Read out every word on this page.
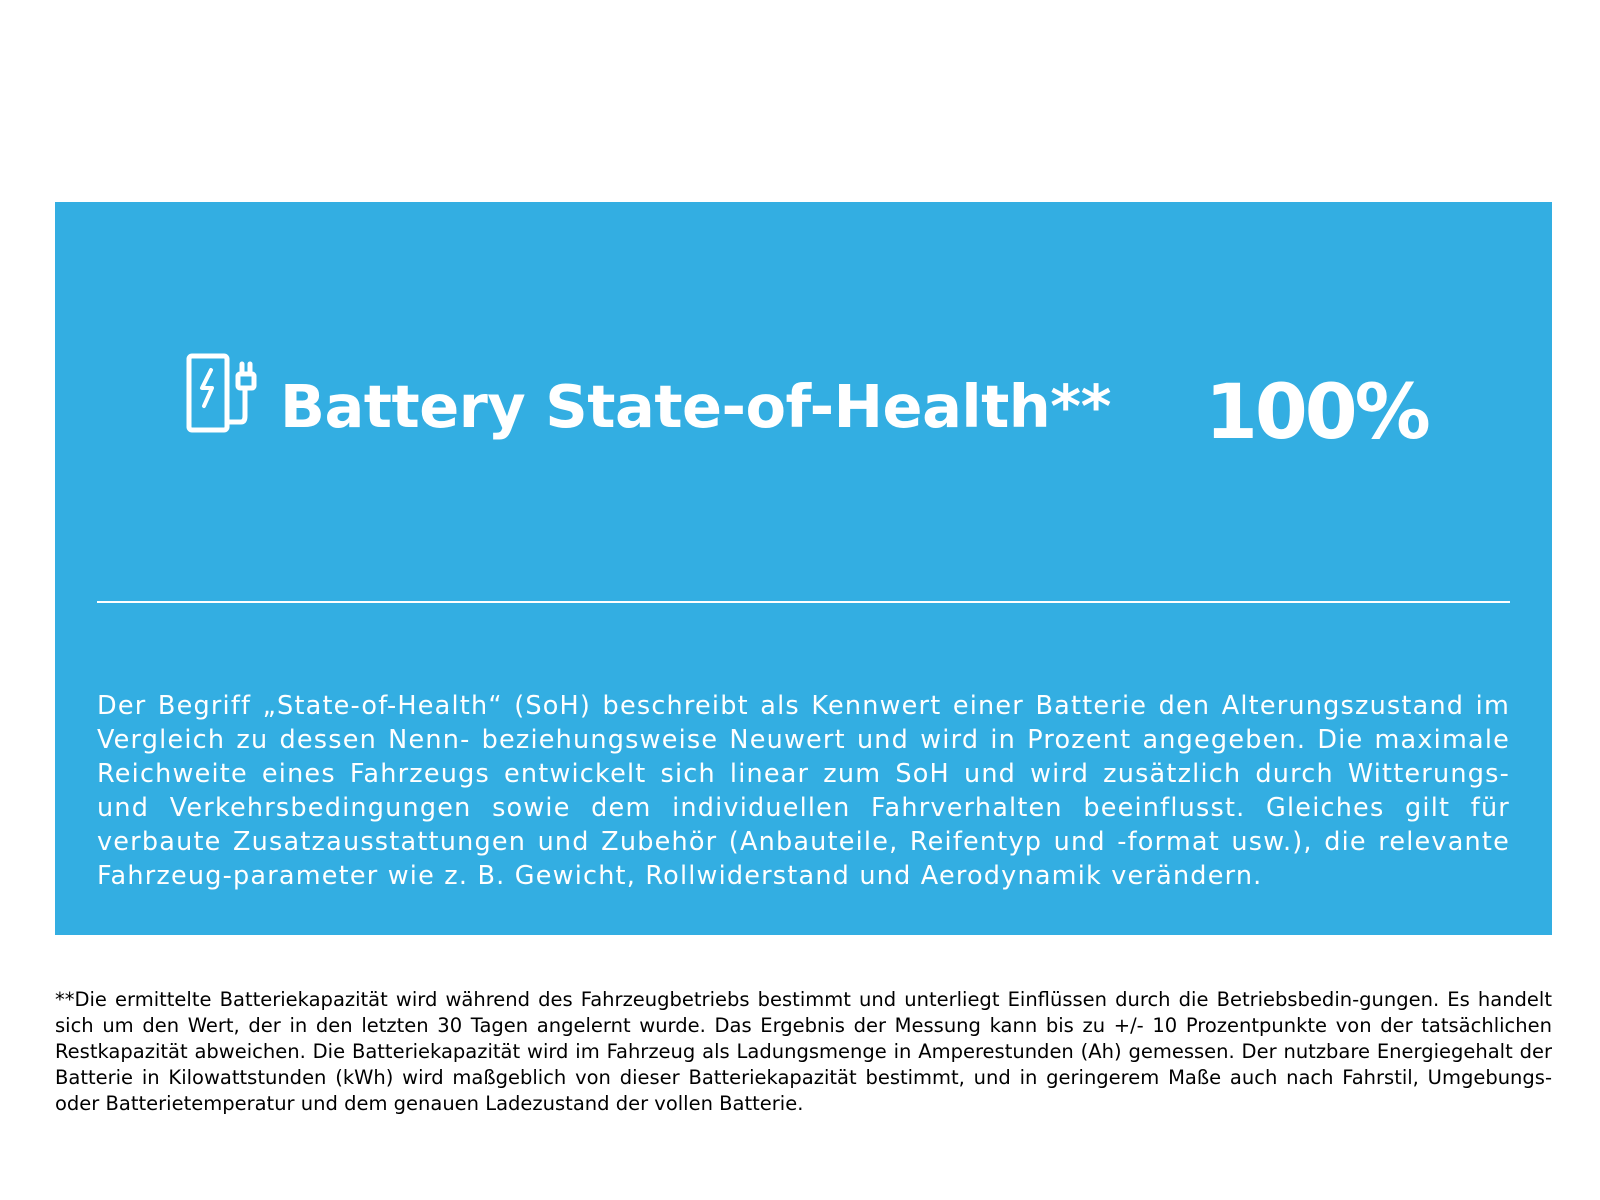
Battery State-of-Health** 100%

Der Begriff „State-of-Health“ (SoH) beschreibt als Kennwert einer Batterie den Alterungszustand im Vergleich zu dessen Nenn- beziehungsweise Neuwert und wird in Prozent angegeben. Die maximale Reichweite eines Fahrzeugs entwickelt sich linear zum SoH und wird zusätzlich durch Witterungs- und Verkehrsbedingungen sowie dem individuellen Fahrverhalten beeinflusst. Gleiches gilt für verbaute Zusatzausstattungen und Zubehör (Anbauteile, Reifentyp und -format usw.), die relevante Fahrzeug-parameter wie z. B. Gewicht, Rollwiderstand und Aerodynamik verändern.

**Die ermittelte Batteriekapazität wird während des Fahrzeugbetriebs bestimmt und unterliegt Einflüssen durch die Betriebsbedin-gungen. Es handelt sich um den Wert, der in den letzten 30 Tagen angelernt wurde. Das Ergebnis der Messung kann bis zu +/- 10 Prozentpunkte von der tatsächlichen Restkapazität abweichen. Die Batteriekapazität wird im Fahrzeug als Ladungsmenge in Amperestunden (Ah) gemessen. Der nutzbare Energiegehalt der Batterie in Kilowattstunden (kWh) wird maßgeblich von dieser Batteriekapazität bestimmt, und in geringerem Maße auch nach Fahrstil, Umgebungs- oder Batterietemperatur und dem genauen Ladezustand der vollen Batterie.
